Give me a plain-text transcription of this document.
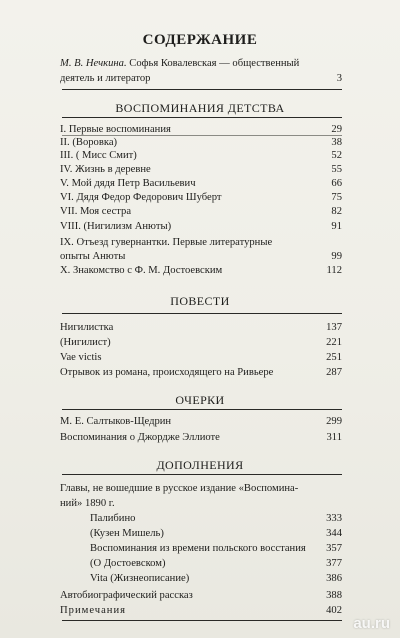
СОДЕРЖАНИЕ
М. В. Нечкина. Софья Ковалевская — общественный
деятель и литератор	3
ВОСПОМИНАНИЯ ДЕТСТВА
I. Первые воспоминания	29
II. (Воровка)	38
III. ( Мисс Смит)	52
IV. Жизнь в деревне	55
V. Мой дядя Петр Васильевич	66
VI. Дядя Федор Федорович Шуберт	75
VII. Моя сестра	82
VIII. (Нигилизм Анюты)	91
IX. Отъезд гувернантки. Первые литературные
опыты Анюты	99
X. Знакомство с Ф. М. Достоевским	112
ПОВЕСТИ
Нигилистка	137
(Нигилист)	221
Vae victis	251
Отрывок из романа, происходящего на Ривьере	287
ОЧЕРКИ
М. Е. Салтыков-Щедрин	299
Воспоминания о Джордже Эллиоте	311
ДОПОЛНЕНИЯ
Главы, не вошедшие в русское издание «Воспомина-
ний» 1890 г.
Палибино	333
(Кузен Мишель)	344
Воспоминания из времени польского восстания	357
(О Достоевском)	377
Vita (Жизнеописание)	386
Автобиографический рассказ	388
Примечания	402
au.ru
